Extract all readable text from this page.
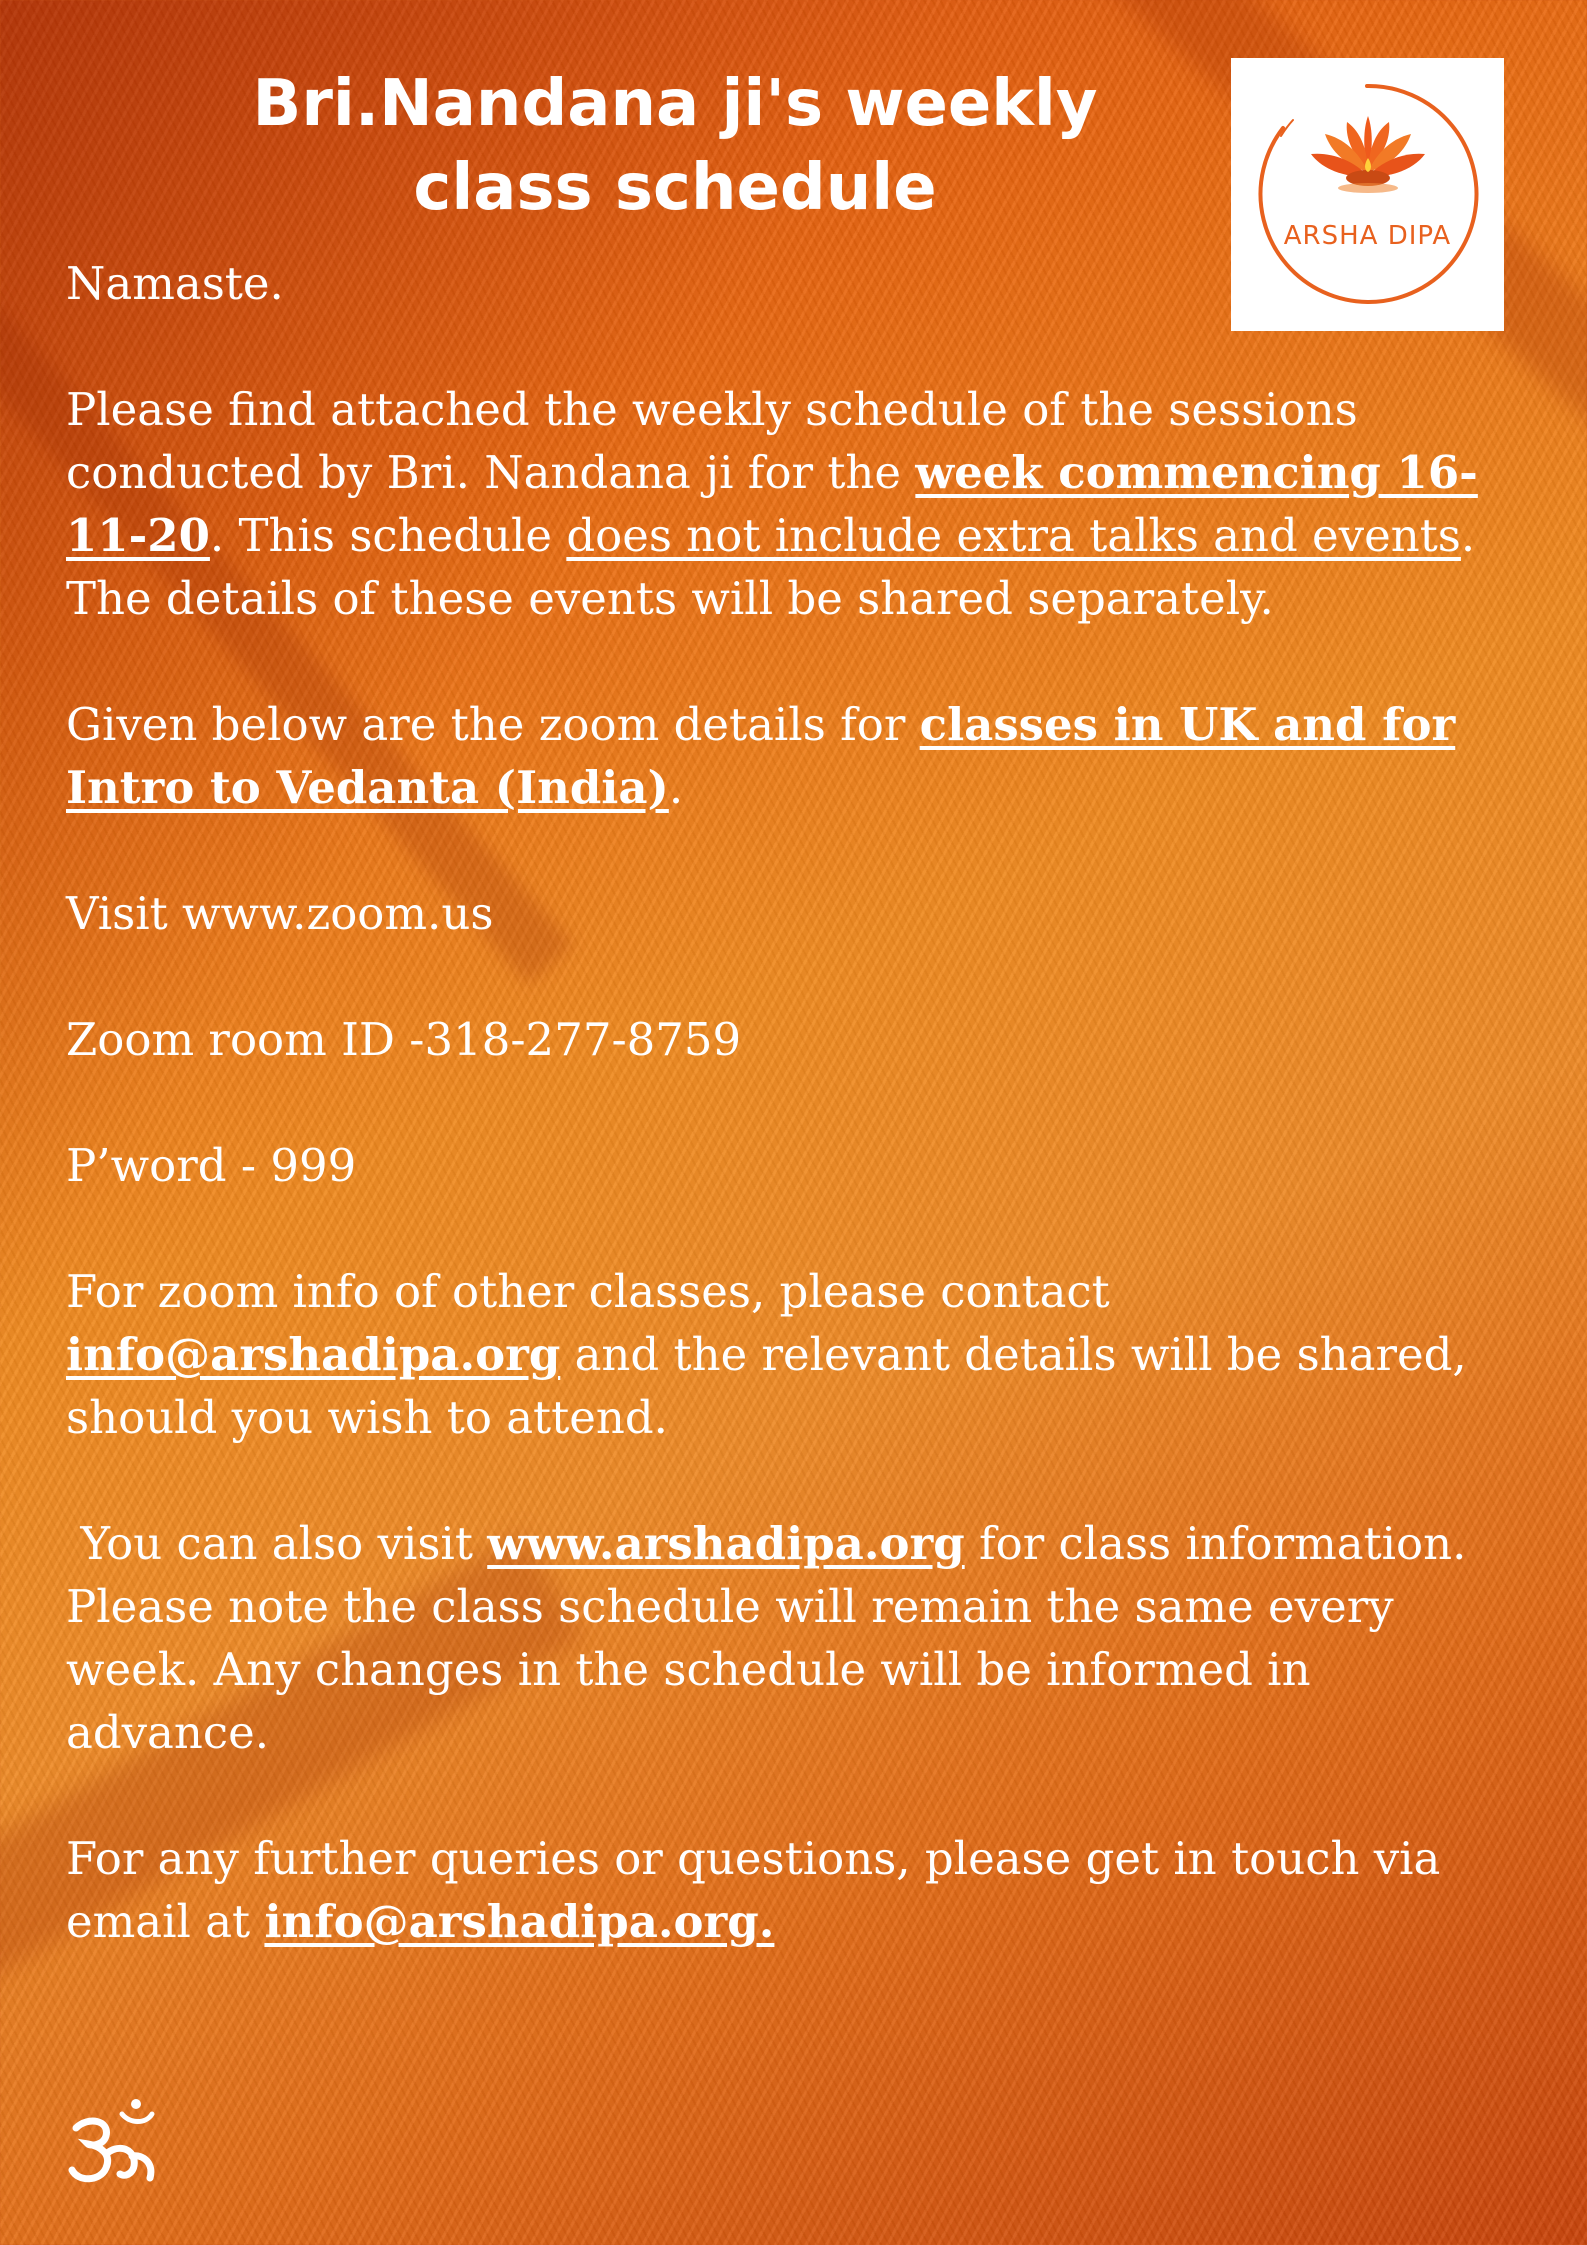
Bri.Nandana ji's weekly
class schedule
ARSHA DIPA

Namaste.

Please find attached the weekly schedule of the sessions conducted by Bri. Nandana ji for the week commencing 16-11-20. This schedule does not include extra talks and events. The details of these events will be shared separately.

Given below are the zoom details for classes in UK and for Intro to Vedanta (India).

Visit www.zoom.us

Zoom room ID -318-277-8759

P’word - 999

For zoom info of other classes, please contact info@arshadipa.org and the relevant details will be shared, should you wish to attend.

You can also visit www.arshadipa.org for class information. Please note the class schedule will remain the same every week. Any changes in the schedule will be informed in advance.

For any further queries or questions, please get in touch via email at info@arshadipa.org.
